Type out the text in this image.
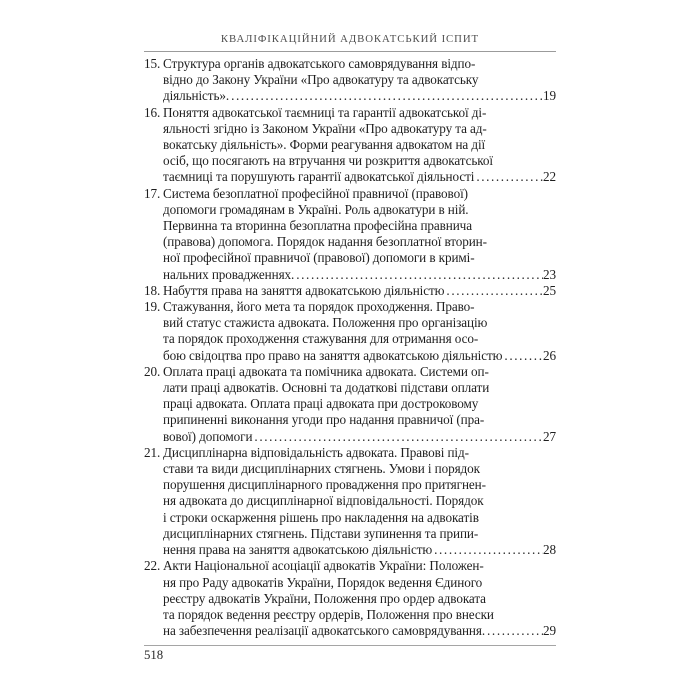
КВАЛІФІКАЦІЙНИЙ АДВОКАТСЬКИЙ ІСПИТ
15. Структура органів адвокатського самоврядування відпо-
відно до Закону України «Про адвокатуру та адвокатську
діяльність». .....	19
16. Поняття адвокатської таємниці та гарантії адвокатської ді-
яльності згідно із Законом України «Про адвокатуру та ад-
вокатську діяльність». Форми реагування адвокатом на дії
осіб, що посягають на втручання чи розкриття адвокатської
таємниці та порушують гарантії адвокатської діяльності .....	22
17. Система безоплатної професійної правничої (правової)
допомоги громадянам в Україні. Роль адвокатури в ній.
Первинна та вторинна безоплатна професійна правнича
(правова) допомога. Порядок надання безоплатної вторин-
ної професійної правничої (правової) допомоги в кримі-
нальних провадженнях. .....	23
18. Набуття права на заняття адвокатською діяльністю .....	25
19. Стажування, його мета та порядок проходження. Право-
вий статус стажиста адвоката. Положення про організацію
та порядок проходження стажування для отримання осо-
бою свідоцтва про право на заняття адвокатською діяльністю .....	26
20. Оплата праці адвоката та помічника адвоката. Системи оп-
лати праці адвокатів. Основні та додаткові підстави оплати
праці адвоката. Оплата праці адвоката при достроковому
припиненні виконання угоди про надання правничої (пра-
вової) допомоги .....	27
21. Дисциплінарна відповідальність адвоката. Правові під-
стави та види дисциплінарних стягнень. Умови і порядок
порушення дисциплінарного провадження про притягнен-
ня адвоката до дисциплінарної відповідальності. Порядок
і строки оскарження рішень про накладення на адвокатів
дисциплінарних стягнень. Підстави зупинення та припи-
нення права на заняття адвокатською діяльністю .....	28
22. Акти Національної асоціації адвокатів України: Положен-
ня про Раду адвокатів України, Порядок ведення Єдиного
реєстру адвокатів України, Положення про ордер адвоката
та порядок ведення реєстру ордерів, Положення про внески
на забезпечення реалізації адвокатського самоврядування. .....	29
518
